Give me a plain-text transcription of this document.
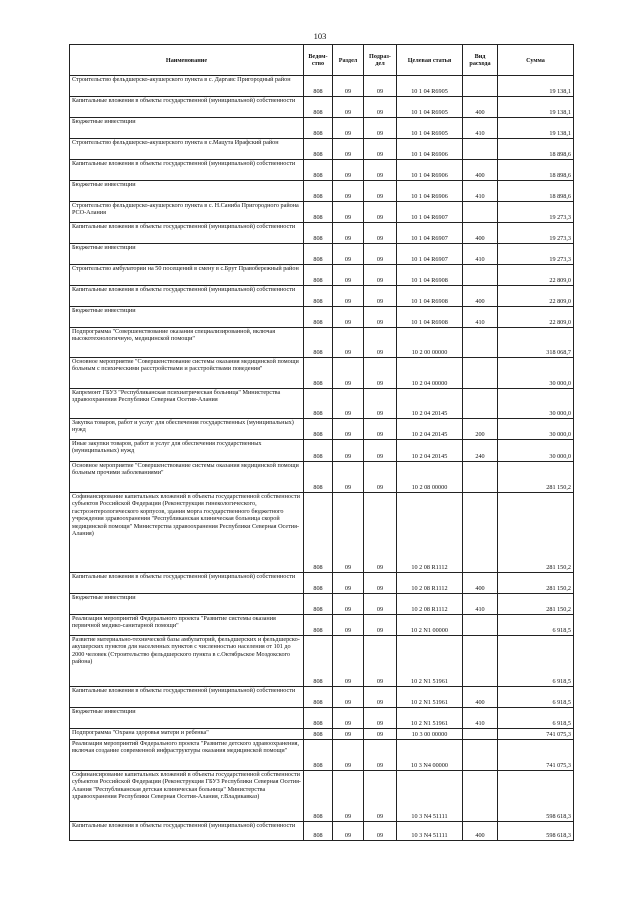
103
Наименование	Ведом-ство	Раздел	Подраз-дел	Целевая статья	Вид расхода	Сумма
Строительство фельдшерско-акушерского пункта в с. Даргавс Пригородный район	808	09	09	10 1 04 R6905		19 138,1
Капитальные вложения в объекты государственной (муниципальной) собственности	808	09	09	10 1 04 R6905	400	19 138,1
Бюджетные инвестиции	808	09	09	10 1 04 R6905	410	19 138,1
Строительство фельдшерско-акушерского пункта в с.Мацута Ирафский район	808	09	09	10 1 04 R6906		18 898,6
Капитальные вложения в объекты государственной (муниципальной) собственности	808	09	09	10 1 04 R6906	400	18 898,6
Бюджетные инвестиции	808	09	09	10 1 04 R6906	410	18 898,6
Строительство фельдшерско-акушерского пункта в с. Н.Саниба Пригородного района РСО-Алания	808	09	09	10 1 04 R6907		19 273,3
Капитальные вложения в объекты государственной (муниципальной) собственности	808	09	09	10 1 04 R6907	400	19 273,3
Бюджетные инвестиции	808	09	09	10 1 04 R6907	410	19 273,3
Строительство амбулатории на 50 посещений в смену в с.Брут Правобережный район	808	09	09	10 1 04 R6908		22 809,0
Капитальные вложения в объекты государственной (муниципальной) собственности	808	09	09	10 1 04 R6908	400	22 809,0
Бюджетные инвестиции	808	09	09	10 1 04 R6908	410	22 809,0
Подпрограмма "Совершенствование оказания специализированной, включая высокотехнологичную, медицинской помощи"	808	09	09	10 2 00 00000		318 068,7
Основное мероприятие "Совершенствование системы оказания медицинской помощи больным с психическими расстройствами и расстройствами поведения"	808	09	09	10 2 04 00000		30 000,0
Капремонт ГБУЗ "Республиканская психиатрическая больница" Министерства здравоохранения Республики Северная Осетия-Алания	808	09	09	10 2 04 20145		30 000,0
Закупка товаров, работ и услуг для обеспечения государственных (муниципальных) нужд	808	09	09	10 2 04 20145	200	30 000,0
Иные закупки товаров, работ и услуг для обеспечения государственных (муниципальных) нужд	808	09	09	10 2 04 20145	240	30 000,0
Основное мероприятие "Совершенствование системы оказания медицинской помощи больным прочими заболеваниями"	808	09	09	10 2 08 00000		281 150,2
Софинансирование капитальных вложений в объекты государственной собственности субъектов Российской Федерации (Реконструкция гинекологического, гастроэнтерологического корпусов, здания морга государственного бюджетного учреждения здравоохранения "Республиканская клиническая больница скорой медицинской помощи" Министерства здравоохранения Республики Северная Осетия-Алания)	808	09	09	10 2 08 R1112		281 150,2
Капитальные вложения в объекты государственной (муниципальной) собственности	808	09	09	10 2 08 R1112	400	281 150,2
Бюджетные инвестиции	808	09	09	10 2 08 R1112	410	281 150,2
Реализация мероприятий Федерального проекта "Развитие системы оказания первичной медико-санитарной помощи"	808	09	09	10 2 N1 00000		6 918,5
Развитие материально-технической базы амбулаторий, фельдшерских и фельдшерско-акушерских пунктов для населенных пунктов с численностью населения от 101 до 2000 человек (Строительство фельдшерского пункта в с.Октябрьское Моздокского района)	808	09	09	10 2 N1 51961		6 918,5
Капитальные вложения в объекты государственной (муниципальной) собственности	808	09	09	10 2 N1 51961	400	6 918,5
Бюджетные инвестиции	808	09	09	10 2 N1 51961	410	6 918,5
Подпрограмма "Охрана здоровья матери и ребенка"	808	09	09	10 3 00 00000		741 075,3
Реализация мероприятий Федерального проекта "Развитие детского здравоохранения, включая создание современной инфраструктуры оказания медицинской помощи"	808	09	09	10 3 N4 00000		741 075,3
Софинансирование капитальных вложений в объекты государственной собственности субъектов Российской Федерации (Реконструкция ГБУЗ Республики Северная Осетия-Алания "Республиканская детская клиническая больница" Министерства здравоохранения Республики Северная Осетия-Алания, г.Владикавказ)	808	09	09	10 3 N4 51111		598 618,3
Капитальные вложения в объекты государственной (муниципальной) собственности	808	09	09	10 3 N4 51111	400	598 618,3
